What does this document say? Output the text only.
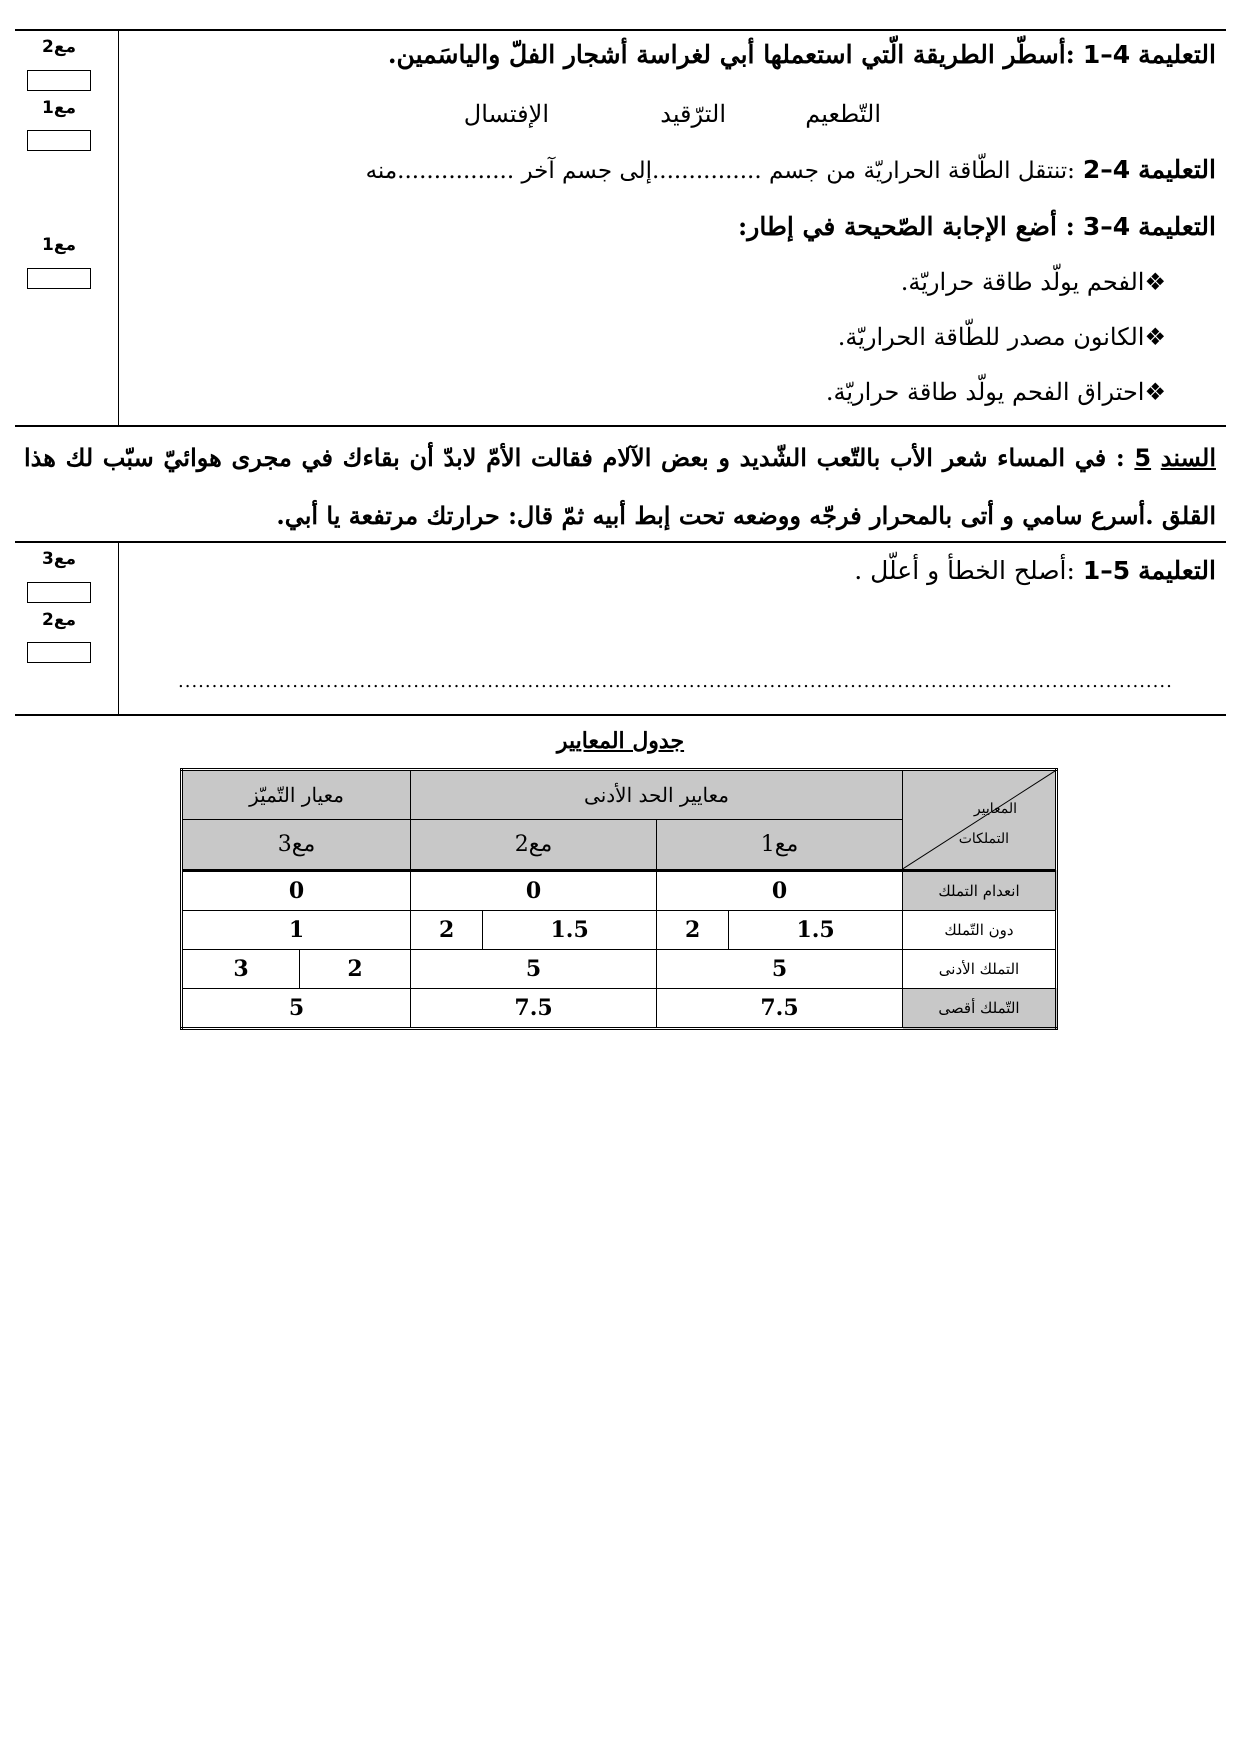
مع2
مع1
مع1
التعليمة 4–1 :أسطّر الطريقة الّتي استعملها أبي لغراسة أشجار الفلّ والياسَمين.
التّطعيم
الترّقيد
الإفتسال
التعليمة 4–2 :تنتقل الطّاقة الحراريّة من جسم ...............إلى جسم آخر ................منه
التعليمة 4–3 : أضع الإجابة الصّحيحة في إطار:
❖الفحم يولّد طاقة حراريّة.
❖الكانون مصدر للطّاقة الحراريّة.
❖احتراق الفحم يولّد طاقة حراريّة.
السند 5 : في المساء شعر الأب بالتّعب الشّديد و بعض الآلام فقالت الأمّ لابدّ أن بقاءك في مجرى هوائيّ سبّب لك هذا القلق .أسرع سامي و أتى بالمحرار فرجّه ووضعه تحت إبط أبيه ثمّ قال: حرارتك مرتفعة يا أبي.
مع3
مع2
التعليمة 5–1 :أصلح الخطأ و أعلّل .
....................................................................................................................................................
جدول المعايير
المعايير
التملكات	معايير الحد الأدنى				معيار التّميّز	
	مع1		مع2		مع3	
انعدام التملك	0		0		0	
دون التّملك	1.5	2	1.5	2	1	
التملك الأدنى	5		5		2	3
التّملك أقصى	7.5		7.5		5	
